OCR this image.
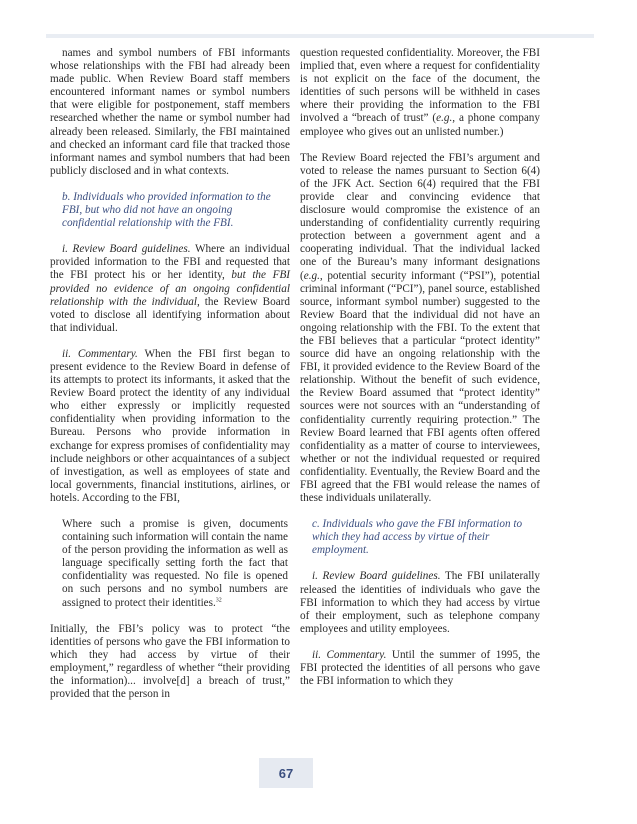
names and symbol numbers of FBI informants whose relationships with the FBI had already been made public. When Review Board staff members encountered informant names or symbol numbers that were eligible for postponement, staff members researched whether the name or symbol number had already been released. Similarly, the FBI maintained and checked an informant card file that tracked those informant names and symbol numbers that had been publicly disclosed and in what contexts.

b. Individuals who provided information to the FBI, but who did not have an ongoing confidential relationship with the FBI.

i. Review Board guidelines. Where an individual provided information to the FBI and requested that the FBI protect his or her identity, but the FBI provided no evidence of an ongoing confidential relationship with the individual, the Review Board voted to disclose all identifying information about that individual.

ii. Commentary. When the FBI first began to present evidence to the Review Board in defense of its attempts to protect its informants, it asked that the Review Board protect the identity of any individual who either expressly or implicitly requested confidentiality when providing information to the Bureau. Persons who provide information in exchange for express promises of confidentiality may include neighbors or other acquaintances of a subject of investigation, as well as employees of state and local governments, financial institutions, airlines, or hotels. According to the FBI,

Where such a promise is given, documents containing such information will contain the name of the person providing the information as well as language specifically setting forth the fact that confidentiality was requested. No file is opened on such persons and no symbol numbers are assigned to protect their identities.$^{32}$

Initially, the FBI’s policy was to protect “the identities of persons who gave the FBI information to which they had access by virtue of their employment,” regardless of whether “their providing the information)... involve[d] a breach of trust,” provided that the person in

question requested confidentiality. Moreover, the FBI implied that, even where a request for confidentiality is not explicit on the face of the document, the identities of such persons will be withheld in cases where their providing the information to the FBI involved a “breach of trust” (e.g., a phone company employee who gives out an unlisted number.)

The Review Board rejected the FBI’s argument and voted to release the names pursuant to Section 6(4) of the JFK Act. Section 6(4) required that the FBI provide clear and convincing evidence that disclosure would compromise the existence of an understanding of confidentiality currently requiring protection between a government agent and a cooperating individual. That the individual lacked one of the Bureau’s many informant designations (e.g., potential security informant (“PSI”), potential criminal informant (“PCI”), panel source, established source, informant symbol number) suggested to the Review Board that the individual did not have an ongoing relationship with the FBI. To the extent that the FBI believes that a particular “protect identity” source did have an ongoing relationship with the FBI, it provided evidence to the Review Board of the relationship. Without the benefit of such evidence, the Review Board assumed that “protect identity” sources were not sources with an “understanding of confidentiality currently requiring protection.” The Review Board learned that FBI agents often offered confidentiality as a matter of course to interviewees, whether or not the individual requested or required confidentiality. Eventually, the Review Board and the FBI agreed that the FBI would release the names of these individuals unilaterally.

c. Individuals who gave the FBI information to which they had access by virtue of their employment.

i. Review Board guidelines. The FBI unilaterally released the identities of individuals who gave the FBI information to which they had access by virtue of their employment, such as telephone company employees and utility employees.

ii. Commentary. Until the summer of 1995, the FBI protected the identities of all persons who gave the FBI information to which they

67
